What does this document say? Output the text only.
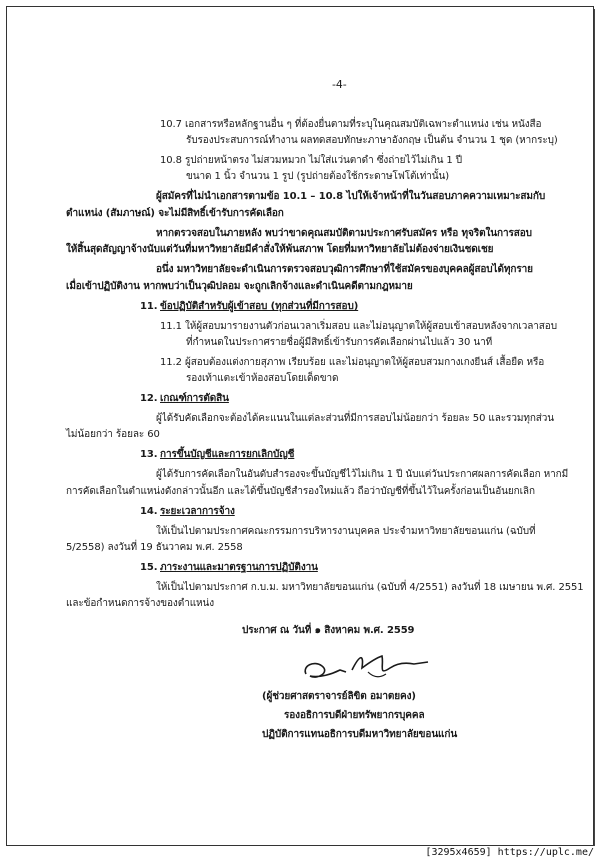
-4-
10.7 เอกสารหรือหลักฐานอื่น ๆ ที่ต้องยื่นตามที่ระบุในคุณสมบัติเฉพาะตำแหน่ง เช่น หนังสือ
รับรองประสบการณ์ทำงาน ผลทดสอบทักษะภาษาอังกฤษ เป็นต้น จำนวน 1 ชุด (หากระบุ)
10.8 รูปถ่ายหน้าตรง ไม่สวมหมวก ไม่ใส่แว่นตาดำ ซึ่งถ่ายไว้ไม่เกิน 1 ปี
ขนาด 1 นิ้ว จำนวน 1 รูป (รูปถ่ายต้องใช้กระดาษโฟโต้เท่านั้น)
ผู้สมัครที่ไม่นำเอกสารตามข้อ 10.1 – 10.8 ไปให้เจ้าหน้าที่ในวันสอบภาคความเหมาะสมกับ
ตำแหน่ง (สัมภาษณ์) จะไม่มีสิทธิ์เข้ารับการคัดเลือก
หากตรวจสอบในภายหลัง พบว่าขาดคุณสมบัติตามประกาศรับสมัคร หรือ ทุจริตในการสอบ
ให้สิ้นสุดสัญญาจ้างนับแต่วันที่มหาวิทยาลัยมีคำสั่งให้พ้นสภาพ โดยที่มหาวิทยาลัยไม่ต้องจ่ายเงินชดเชย
อนึ่ง มหาวิทยาลัยจะดำเนินการตรวจสอบวุฒิการศึกษาที่ใช้สมัครของบุคคลผู้สอบได้ทุกราย
เมื่อเข้าปฏิบัติงาน หากพบว่าเป็นวุฒิปลอม จะถูกเลิกจ้างและดำเนินคดีตามกฎหมาย
11. ข้อปฏิบัติสำหรับผู้เข้าสอบ (ทุกส่วนที่มีการสอบ)
11.1 ให้ผู้สอบมารายงานตัวก่อนเวลาเริ่มสอบ และไม่อนุญาตให้ผู้สอบเข้าสอบหลังจากเวลาสอบ
ที่กำหนดในประกาศรายชื่อผู้มีสิทธิ์เข้ารับการคัดเลือกผ่านไปแล้ว 30 นาที
11.2 ผู้สอบต้องแต่งกายสุภาพ เรียบร้อย และไม่อนุญาตให้ผู้สอบสวมกางเกงยีนส์ เสื้อยืด หรือ
รองเท้าแตะเข้าห้องสอบโดยเด็ดขาด
12. เกณฑ์การตัดสิน
ผู้ได้รับคัดเลือกจะต้องได้คะแนนในแต่ละส่วนที่มีการสอบไม่น้อยกว่า ร้อยละ 50 และรวมทุกส่วน
ไม่น้อยกว่า ร้อยละ 60
13. การขึ้นบัญชีและการยกเลิกบัญชี
ผู้ได้รับการคัดเลือกในอันดับสำรองจะขึ้นบัญชีไว้ไม่เกิน 1 ปี นับแต่วันประกาศผลการคัดเลือก หากมี
การคัดเลือกในตำแหน่งดังกล่าวนั้นอีก และได้ขึ้นบัญชีสำรองใหม่แล้ว ถือว่าบัญชีที่ขึ้นไว้ในครั้งก่อนเป็นอันยกเลิก
14. ระยะเวลาการจ้าง
ให้เป็นไปตามประกาศคณะกรรมการบริหารงานบุคคล ประจำมหาวิทยาลัยขอนแก่น (ฉบับที่
5/2558) ลงวันที่ 19 ธันวาคม พ.ศ. 2558
15. ภาระงานและมาตรฐานการปฏิบัติงาน
ให้เป็นไปตามประกาศ ก.บ.ม. มหาวิทยาลัยขอนแก่น (ฉบับที่ 4/2551) ลงวันที่ 18 เมษายน พ.ศ. 2551
และข้อกำหนดการจ้างของตำแหน่ง
ประกาศ ณ วันที่ ๑ สิงหาคม พ.ศ. 2559
(ผู้ช่วยศาสตราจารย์ลิขิต อมาตยคง)
รองอธิการบดีฝ่ายทรัพยากรบุคคล
ปฏิบัติการแทนอธิการบดีมหาวิทยาลัยขอนแก่น
[3295x4659] https://uplc.me/
